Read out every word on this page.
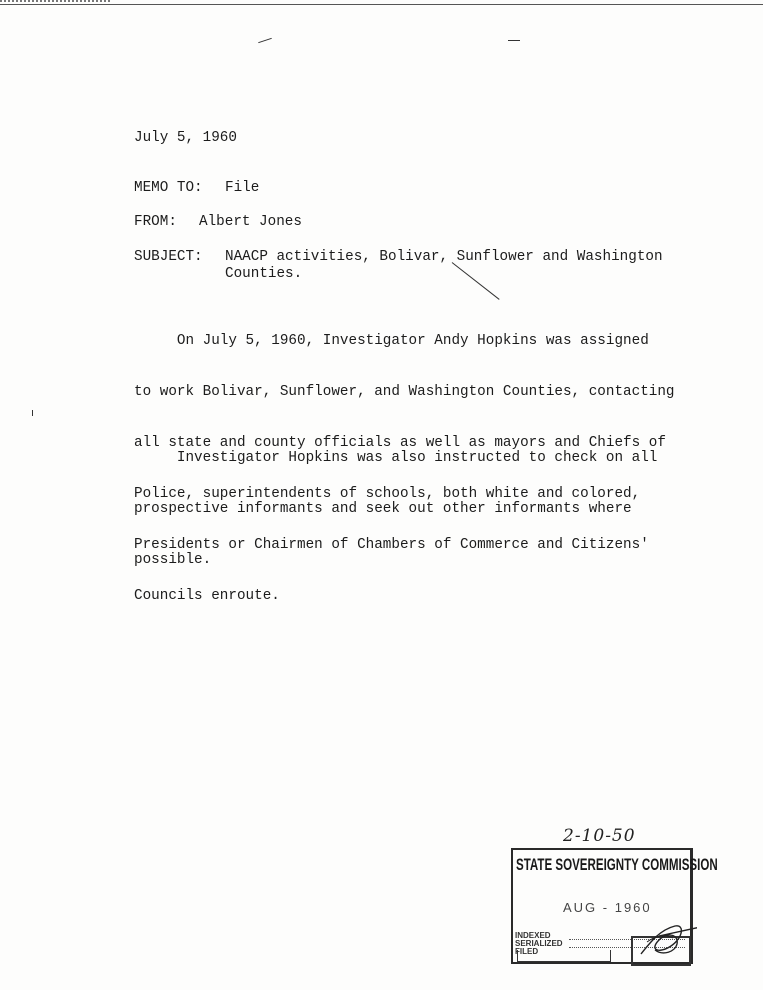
July 5, 1960

MEMO TO:

File

FROM:

Albert Jones

SUBJECT:

NAACP activities, Bolivar, Sunflower and Washington

Counties.

On July 5, 1960, Investigator Andy Hopkins was assigned

to work Bolivar, Sunflower, and Washington Counties, contacting

all state and county officials as well as mayors and Chiefs of

Police, superintendents of schools, both white and colored,

Presidents or Chairmen of Chambers of Commerce and Citizens'

Councils enroute.

Investigator Hopkins was also instructed to check on all

prospective informants and seek out other informants where

possible.

2-10-50
STATE SOVEREIGNTY COMMISSION
AUG - 1960
INDEXED
SERIALIZED
FILED
